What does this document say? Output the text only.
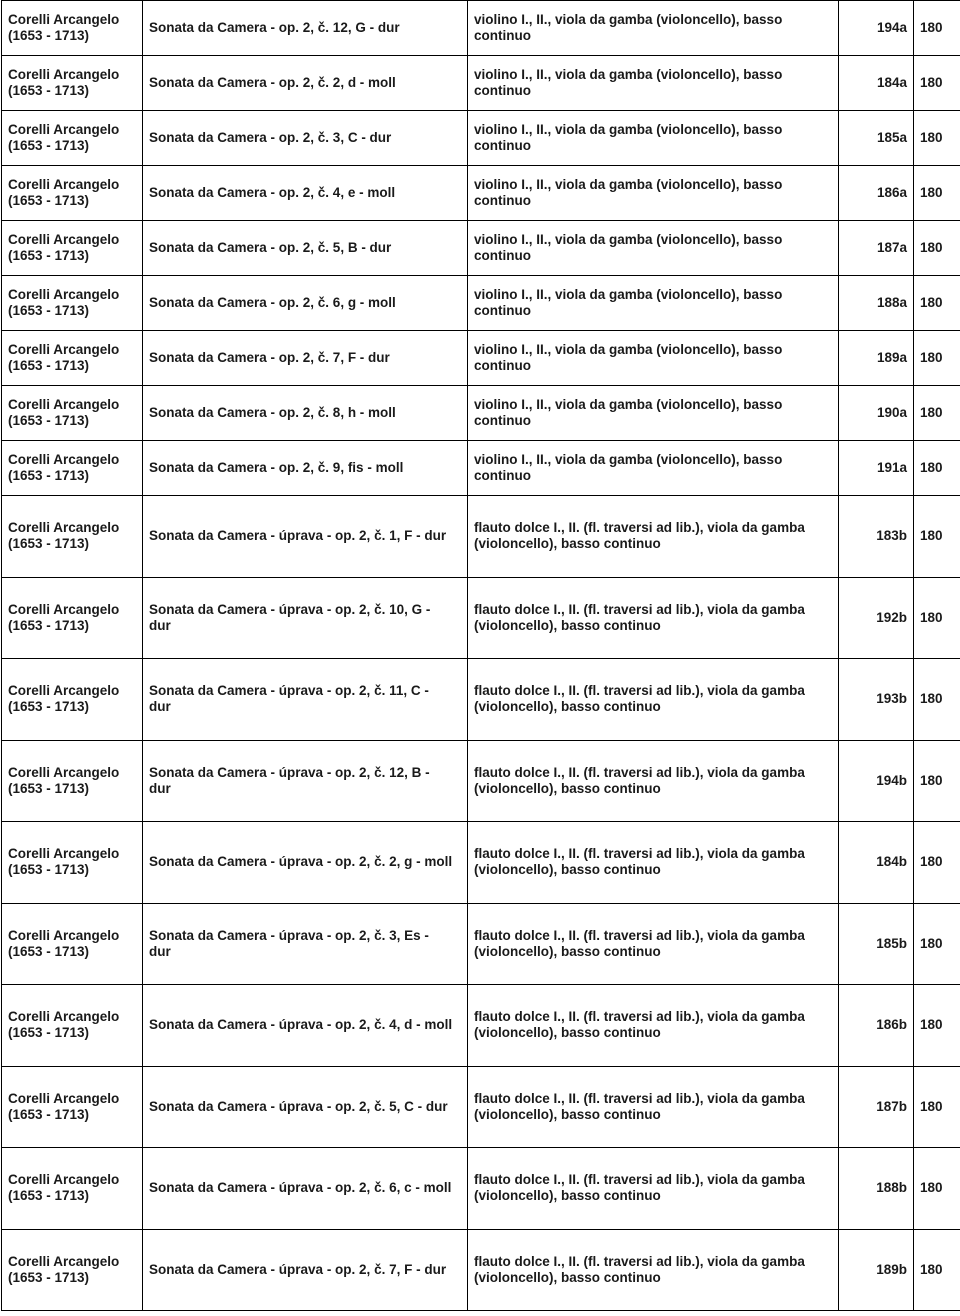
Corelli Arcangelo
(1653 - 1713)	Sonata da Camera - op. 2, č. 12, G - dur	violino I., II., viola da gamba (violoncello), basso
continuo	194a	180

Corelli Arcangelo
(1653 - 1713)	Sonata da Camera - op. 2, č. 2, d - moll	violino I., II., viola da gamba (violoncello), basso
continuo	184a	180

Corelli Arcangelo
(1653 - 1713)	Sonata da Camera - op. 2, č. 3, C - dur	violino I., II., viola da gamba (violoncello), basso
continuo	185a	180

Corelli Arcangelo
(1653 - 1713)	Sonata da Camera - op. 2, č. 4, e - moll	violino I., II., viola da gamba (violoncello), basso
continuo	186a	180

Corelli Arcangelo
(1653 - 1713)	Sonata da Camera - op. 2, č. 5, B - dur	violino I., II., viola da gamba (violoncello), basso
continuo	187a	180

Corelli Arcangelo
(1653 - 1713)	Sonata da Camera - op. 2, č. 6, g - moll	violino I., II., viola da gamba (violoncello), basso
continuo	188a	180

Corelli Arcangelo
(1653 - 1713)	Sonata da Camera - op. 2, č. 7, F - dur	violino I., II., viola da gamba (violoncello), basso
continuo	189a	180

Corelli Arcangelo
(1653 - 1713)	Sonata da Camera - op. 2, č. 8, h - moll	violino I., II., viola da gamba (violoncello), basso
continuo	190a	180

Corelli Arcangelo
(1653 - 1713)	Sonata da Camera - op. 2, č. 9, fis - moll	violino I., II., viola da gamba (violoncello), basso
continuo	191a	180

Corelli Arcangelo
(1653 - 1713)	Sonata da Camera - úprava - op. 2, č. 1, F - dur	flauto dolce I., II. (fl. traversi ad lib.), viola da gamba
(violoncello), basso continuo	183b	180

Corelli Arcangelo
(1653 - 1713)	Sonata da Camera - úprava - op. 2, č. 10, G -
dur	flauto dolce I., II. (fl. traversi ad lib.), viola da gamba
(violoncello), basso continuo	192b	180

Corelli Arcangelo
(1653 - 1713)	Sonata da Camera - úprava - op. 2, č. 11, C -
dur	flauto dolce I., II. (fl. traversi ad lib.), viola da gamba
(violoncello), basso continuo	193b	180

Corelli Arcangelo
(1653 - 1713)	Sonata da Camera - úprava - op. 2, č. 12, B -
dur	flauto dolce I., II. (fl. traversi ad lib.), viola da gamba
(violoncello), basso continuo	194b	180

Corelli Arcangelo
(1653 - 1713)	Sonata da Camera - úprava - op. 2, č. 2, g - moll	flauto dolce I., II. (fl. traversi ad lib.), viola da gamba
(violoncello), basso continuo	184b	180

Corelli Arcangelo
(1653 - 1713)	Sonata da Camera - úprava - op. 2, č. 3, Es -
dur	flauto dolce I., II. (fl. traversi ad lib.), viola da gamba
(violoncello), basso continuo	185b	180

Corelli Arcangelo
(1653 - 1713)	Sonata da Camera - úprava - op. 2, č. 4, d - moll	flauto dolce I., II. (fl. traversi ad lib.), viola da gamba
(violoncello), basso continuo	186b	180

Corelli Arcangelo
(1653 - 1713)	Sonata da Camera - úprava - op. 2, č. 5, C - dur	flauto dolce I., II. (fl. traversi ad lib.), viola da gamba
(violoncello), basso continuo	187b	180

Corelli Arcangelo
(1653 - 1713)	Sonata da Camera - úprava - op. 2, č. 6, c - moll	flauto dolce I., II. (fl. traversi ad lib.), viola da gamba
(violoncello), basso continuo	188b	180

Corelli Arcangelo
(1653 - 1713)	Sonata da Camera - úprava - op. 2, č. 7, F - dur	flauto dolce I., II. (fl. traversi ad lib.), viola da gamba
(violoncello), basso continuo	189b	180
